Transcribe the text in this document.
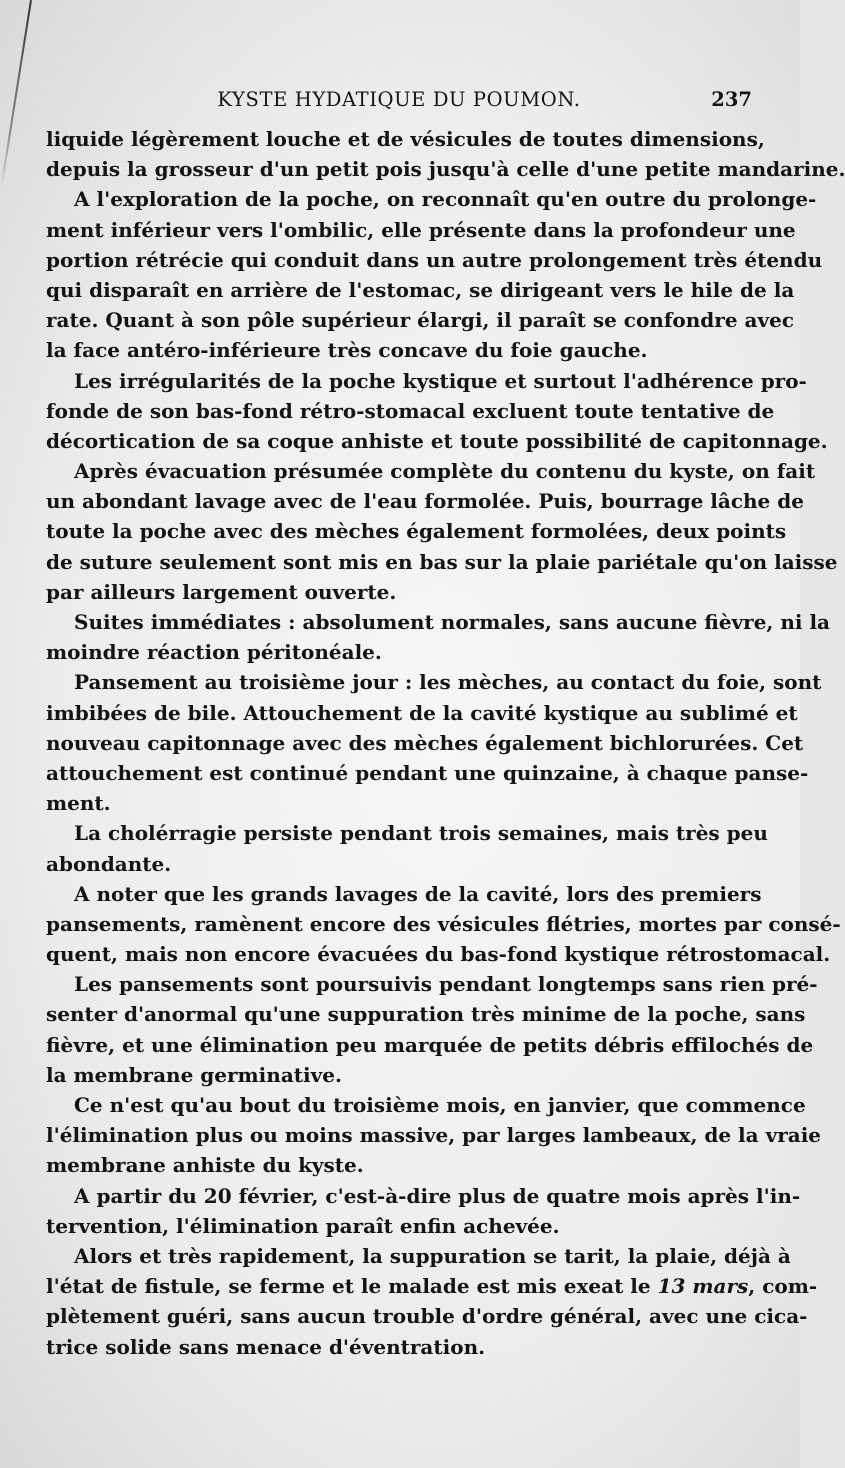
KYSTE HYDATIQUE DU POUMON.	237
liquide légèrement louche et de vésicules de toutes dimensions,
depuis la grosseur d'un petit pois jusqu'à celle d'une petite mandarine.
A l'exploration de la poche, on reconnaît qu'en outre du prolonge-
ment inférieur vers l'ombilic, elle présente dans la profondeur une
portion rétrécie qui conduit dans un autre prolongement très étendu
qui disparaît en arrière de l'estomac, se dirigeant vers le hile de la
rate. Quant à son pôle supérieur élargi, il paraît se confondre avec
la face antéro-inférieure très concave du foie gauche.
Les irrégularités de la poche kystique et surtout l'adhérence pro-
fonde de son bas-fond rétro-stomacal excluent toute tentative de
décortication de sa coque anhiste et toute possibilité de capitonnage.
Après évacuation présumée complète du contenu du kyste, on fait
un abondant lavage avec de l'eau formolée. Puis, bourrage lâche de
toute la poche avec des mèches également formolées, deux points
de suture seulement sont mis en bas sur la plaie pariétale qu'on laisse
par ailleurs largement ouverte.
Suites immédiates : absolument normales, sans aucune fièvre, ni la
moindre réaction péritonéale.
Pansement au troisième jour : les mèches, au contact du foie, sont
imbibées de bile. Attouchement de la cavité kystique au sublimé et
nouveau capitonnage avec des mèches également bichlorurées. Cet
attouchement est continué pendant une quinzaine, à chaque panse-
ment.
La cholérragie persiste pendant trois semaines, mais très peu
abondante.
A noter que les grands lavages de la cavité, lors des premiers
pansements, ramènent encore des vésicules flétries, mortes par consé-
quent, mais non encore évacuées du bas-fond kystique rétrostomacal.
Les pansements sont poursuivis pendant longtemps sans rien pré-
senter d'anormal qu'une suppuration très minime de la poche, sans
fièvre, et une élimination peu marquée de petits débris effilochés de
la membrane germinative.
Ce n'est qu'au bout du troisième mois, en janvier, que commence
l'élimination plus ou moins massive, par larges lambeaux, de la vraie
membrane anhiste du kyste.
A partir du 20 février, c'est-à-dire plus de quatre mois après l'in-
tervention, l'élimination paraît enfin achevée.
Alors et très rapidement, la suppuration se tarit, la plaie, déjà à
l'état de fistule, se ferme et le malade est mis exeat le 13 mars, com-
plètement guéri, sans aucun trouble d'ordre général, avec une cica-
trice solide sans menace d'éventration.
